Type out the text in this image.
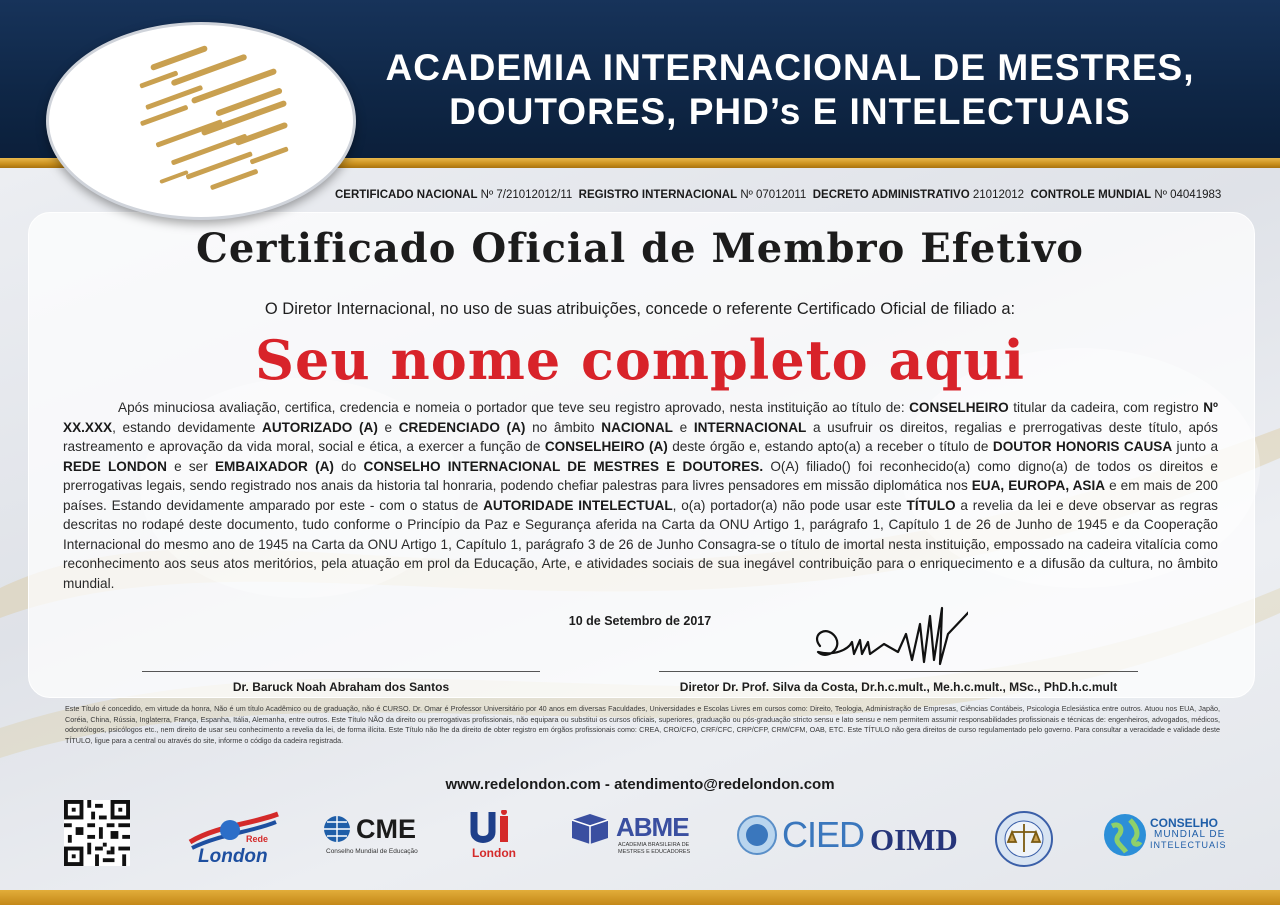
ACADEMIA INTERNACIONAL DE MESTRES,
DOUTORES, PHD’s E INTELECTUAIS
CERTIFICADO NACIONAL Nº 7/21012012/11 REGISTRO INTERNACIONAL Nº 07012011 DECRETO ADMINISTRATIVO 21012012 CONTROLE MUNDIAL Nº 04041983
Certificado Oficial de Membro Efetivo
O Diretor Internacional, no uso de suas atribuições, concede o referente Certificado Oficial de filiado a:
Seu nome completo aqui
Após minuciosa avaliação, certifica, credencia e nomeia o portador que teve seu registro aprovado, nesta instituição ao título de: CONSELHEIRO titular da cadeira, com registro Nº XX.XXX, estando devidamente AUTORIZADO (A) e CREDENCIADO (A) no âmbito NACIONAL e INTERNACIONAL a usufruir os direitos, regalias e prerrogativas deste título, após rastreamento e aprovação da vida moral, social e ética, a exercer a função de CONSELHEIRO (A) deste órgão e, estando apto(a) a receber o título de DOUTOR HONORIS CAUSA junto a REDE LONDON e ser EMBAIXADOR (A) do CONSELHO INTERNACIONAL DE MESTRES E DOUTORES. O(A) filiado() foi reconhecido(a) como digno(a) de todos os direitos e prerrogativas legais, sendo registrado nos anais da historia tal honraria, podendo chefiar palestras para livres pensadores em missão diplomática nos EUA, EUROPA, ASIA e em mais de 200 países. Estando devidamente amparado por este - com o status de AUTORIDADE INTELECTUAL, o(a) portador(a) não pode usar este TÍTULO a revelia da lei e deve observar as regras descritas no rodapé deste documento, tudo conforme o Princípio da Paz e Segurança aferida na Carta da ONU Artigo 1, parágrafo 1, Capítulo 1 de 26 de Junho de 1945 e da Cooperação Internacional do mesmo ano de 1945 na Carta da ONU Artigo 1, Capítulo 1, parágrafo 3 de 26 de Junho Consagra-se o título de imortal nesta instituição, empossado na cadeira vitalícia como reconhecimento aos seus atos meritórios, pela atuação em prol da Educação, Arte, e atividades sociais de sua inegável contribuição para o enriquecimento e a difusão da cultura, no âmbito mundial.
10 de Setembro de 2017
Dr. Baruck Noah Abraham dos Santos	Diretor Dr. Prof. Silva da Costa, Dr.h.c.mult., Me.h.c.mult., MSc., PhD.h.c.mult
Este Título é concedido, em virtude da honra, Não é um título Acadêmico ou de graduação, não é CURSO. Dr. Omar é Professor Universitário por 40 anos em diversas Faculdades, Universidades e Escolas Livres em cursos como: Direito, Teologia, Administração de Empresas, Ciências Contábeis, Psicologia Eclesiástica entre outros. Atuou nos EUA, Japão, Coréia, China, Rússia, Inglaterra, França, Espanha, Itália, Alemanha, entre outros. Este Título NÃO da direito ou prerrogativas profissionais, não equipara ou substitui os cursos oficiais, superiores, graduação ou pós-graduação stricto sensu e lato sensu e nem permitem assumir responsabilidades profissionais e técnicas de: engenheiros, advogados, médicos, odontólogos, psicólogos etc., nem direito de usar seu conhecimento a revelia da lei, de forma ilícita. Este Título não lhe da direito de obter registro em órgãos profissionais como: CREA, CRO/CFO, CRF/CFC, CRP/CFP, CRM/CFM, OAB, ETC. Este TÍTULO não gera direitos de curso regulamentado pelo governo. Para consultar a veracidade e validade deste TÍTULO, ligue para a central ou através do site, informe o código da cadeira registrada.
www.redelondon.com - atendimento@redelondon.com
Rede
London
CME
Conselho Mundial de Educação	London
ABME
ACADEMIA BRASILEIRA DE
MESTRES E EDUCADORES	CIED OIMD	CONSELHO
MUNDIAL DE
INTELECTUAIS
